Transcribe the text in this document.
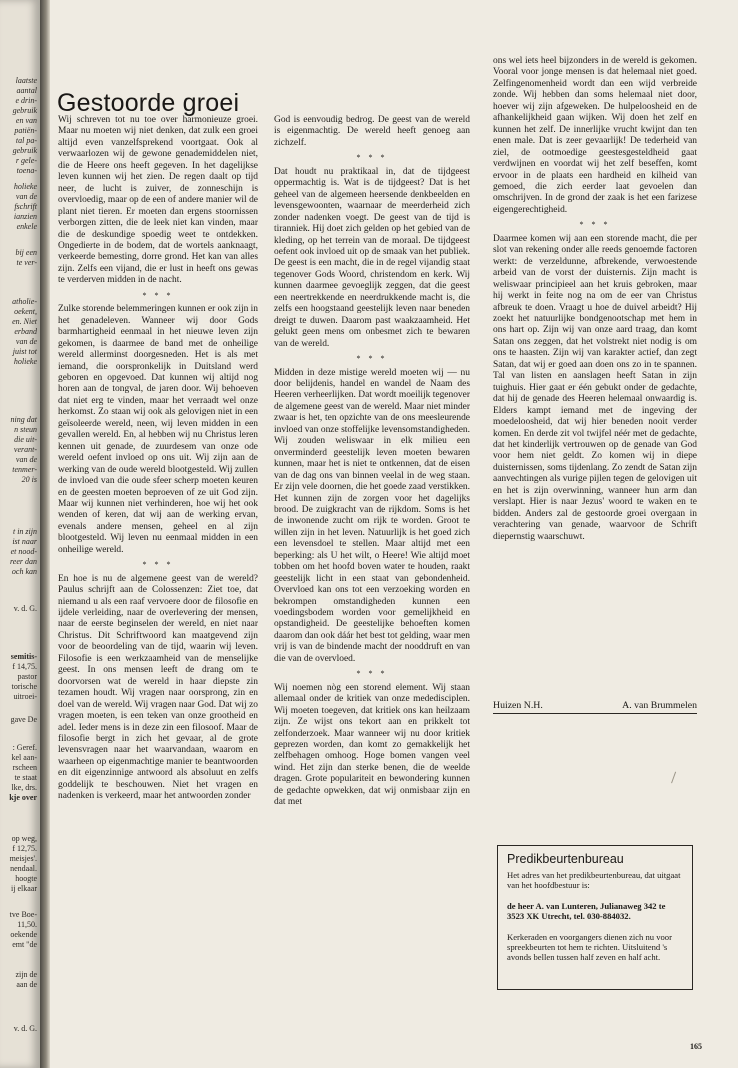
laatste
aantal
e drin-
gebruik
en van
patiën-
tal pa-
gebruik
r gele-
toena-
holieke
van de
fschrift
ianzien
enkele
bij een
te ver-
atholie-
oekent,
en. Niet
erband
van de
juist tot
holieke
ning dat
n steun
die uit-
verant-
van de
tenmer-
20 is
t in zijn
ist naar
et nood-
reer dan
och kan
v. d. G.
semitis-
f 14,75.
pastor
torische
uitroei-
gave De
: Geref.
kel aan-
rscheen
te staat
lke, drs.
kje over
op weg,
f 12,75.
meisjes'.
nendaal.
hoogte
ij elkaar
tve Boe-
11,50.
oekende
emt "de
zijn de
aan de
v. d. G.
Gestoorde groei

Wij schreven tot nu toe over harmonieuze groei. Maar nu moeten wij niet denken, dat zulk een groei altijd even vanzelfsprekend voortgaat. Ook al verwaarlozen wij de gewone genademiddelen niet, die de Heere ons heeft gegeven. In het dagelijkse leven kunnen wij het zien. De regen daalt op tijd neer, de lucht is zuiver, de zonneschijn is overvloedig, maar op de een of andere manier wil de plant niet tieren. Er moeten dan ergens stoornissen verborgen zitten, die de leek niet kan vinden, maar die de deskundige spoedig weet te ontdekken. Ongedierte in de bodem, dat de wortels aanknaagt, verkeerde bemesting, dorre grond. Het kan van alles zijn. Zelfs een vijand, die er lust in heeft ons gewas te verderven midden in de nacht.

* * *

Zulke storende belemmeringen kunnen er ook zijn in het genadeleven. Wanneer wij door Gods barmhartigheid eenmaal in het nieuwe leven zijn gekomen, is daarmee de band met de onheilige wereld allerminst doorgesneden. Het is als met iemand, die oorspronkelijk in Duitsland werd geboren en opgevoed. Dat kunnen wij altijd nog horen aan de tongval, de jaren door. Wij behoeven dat niet erg te vinden, maar het verraadt wel onze herkomst. Zo staan wij ook als gelovigen niet in een geïsoleerde wereld, neen, wij leven midden in een gevallen wereld. En, al hebben wij nu Christus leren kennen uit genade, de zuurdesem van onze ode wereld oefent invloed op ons uit. Wij zijn aan de werking van de oude wereld blootgesteld. Wij zullen de invloed van die oude sfeer scherp moeten keuren en de geesten moeten beproeven of ze uit God zijn. Maar wij kunnen niet verhinderen, hoe wij het ook wenden of keren, dat wij aan de werking ervan, evenals andere mensen, geheel en al zijn blootgesteld. Wij leven nu eenmaal midden in een onheilige wereld.

* * *

En hoe is nu de algemene geest van de wereld? Paulus schrijft aan de Colossenzen: Ziet toe, dat niemand u als een raaf vervoere door de filosofie en ijdele verleiding, naar de overlevering der mensen, naar de eerste beginselen der wereld, en niet naar Christus. Dit Schriftwoord kan maatgevend zijn voor de beoordeling van de tijd, waarin wij leven. Filosofie is een werkzaamheid van de menselijke geest. In ons mensen leeft de drang om te doorvorsen wat de wereld in haar diepste zin tezamen houdt. Wij vragen naar oorsprong, zin en doel van de wereld. Wij vragen naar God. Dat wij zo vragen moeten, is een teken van onze grootheid en adel. Ieder mens is in deze zin een filosoof. Maar de filosofie bergt in zich het gevaar, al de grote levensvragen naar het waarvandaan, waarom en waarheen op eigenmachtige manier te beantwoorden en dit eigenzinnige antwoord als absoluut en zelfs goddelijk te beschouwen. Niet het vragen en nadenken is verkeerd, maar het antwoorden zonder

God is eenvoudig bedrog. De geest van de wereld is eigenmachtig. De wereld heeft genoeg aan zichzelf.

* * *

Dat houdt nu praktikaal in, dat de tijdgeest oppermachtig is. Wat is de tijdgeest? Dat is het geheel van de algemeen heersende denkbeelden en levensgewoonten, waarnaar de meerderheid zich zonder nadenken voegt. De geest van de tijd is tiranniek. Hij doet zich gelden op het gebied van de kleding, op het terrein van de moraal. De tijdgeest oefent ook invloed uit op de smaak van het publiek. De geest is een macht, die in de regel vijandig staat tegenover Gods Woord, christendom en kerk. Wij kunnen daarmee gevoeglijk zeggen, dat die geest een neertrekkende en neerdrukkende macht is, die zelfs een hoogstaand geestelijk leven naar beneden dreigt te duwen. Daarom past waakzaamheid. Het gelukt geen mens om onbesmet zich te bewaren van de wereld.

* * *

Midden in deze mistige wereld moeten wij — nu door belijdenis, handel en wandel de Naam des Heeren verheerlijken. Dat wordt moeilijk tegenover de algemene geest van de wereld. Maar niet minder zwaar is het, ten opzichte van de ons meesleurende invloed van onze stoffelijke levensomstandigheden. Wij zouden weliswaar in elk milieu een onverminderd geestelijk leven moeten bewaren kunnen, maar het is niet te ontkennen, dat de eisen van de dag ons van binnen veelal in de weg staan. Er zijn vele doornen, die het goede zaad verstikken. Het kunnen zijn de zorgen voor het dagelijks brood. De zuigkracht van de rijkdom. Soms is het de inwonende zucht om rijk te worden. Groot te willen zijn in het leven. Natuurlijk is het goed zich een levensdoel te stellen. Maar altijd met een beperking: als U het wilt, o Heere! Wie altijd moet tobben om het hoofd boven water te houden, raakt geestelijk licht in een staat van gebondenheid. Overvloed kan ons tot een verzoeking worden en bekrompen omstandigheden kunnen een voedingsbodem worden voor gemelijkheid en opstandigheid. De geestelijke behoeften komen daarom dan ook dáár het best tot gelding, waar men vrij is van de bindende macht der nooddruft en van die van de overvloed.

* * *

Wij noemen nòg een storend element. Wij staan allemaal onder de kritiek van onze mededisciplen. Wij moeten toegeven, dat kritiek ons kan heilzaam zijn. Ze wijst ons tekort aan en prikkelt tot zelfonderzoek. Maar wanneer wij nu door kritiek geprezen worden, dan komt zo gemakkelijk het zelfbehagen omhoog. Hoge bomen vangen veel wind. Het zijn dan sterke benen, die de weelde dragen. Grote populariteit en bewondering kunnen de gedachte opwekken, dat wij onmisbaar zijn en dat met

ons wel iets heel bijzonders in de wereld is gekomen. Vooral voor jonge mensen is dat helemaal niet goed. Zelfingenomenheid wordt dan een wijd verbreide zonde. Wij hebben dan soms helemaal niet door, hoever wij zijn afgeweken. De hulpeloosheid en de afhankelijkheid gaan wijken. Wij doen het zelf en kunnen het zelf. De innerlijke vrucht kwijnt dan ten enen male. Dat is zeer gevaarlijk! De tederheid van ziel, de ootmoedige geestesgesteldheid gaat verdwijnen en voordat wij het zelf beseffen, komt ervoor in de plaats een hardheid en kilheid van gemoed, die zich eerder laat gevoelen dan omschrijven. In de grond der zaak is het een farizese eigengerechtigheid.

* * *

Daarmee komen wij aan een storende macht, die per slot van rekening onder alle reeds genoemde factoren werkt: de verzeldunne, afbrekende, verwoestende arbeid van de vorst der duisternis. Zijn macht is weliswaar principieel aan het kruis gebroken, maar hij werkt in feite nog na om de eer van Christus afbreuk te doen. Vraagt u hoe de duivel arbeidt? Hij zoekt het natuurlijke bondgenootschap met hem in ons hart op. Zijn wij van onze aard traag, dan komt Satan ons zeggen, dat het volstrekt niet nodig is om ons te haasten. Zijn wij van karakter actief, dan zegt Satan, dat wij er goed aan doen ons zo in te spannen. Tal van listen en aanslagen heeft Satan in zijn tuighuis. Hier gaat er één gebukt onder de gedachte, dat hij de genade des Heeren helemaal onwaardig is. Elders kampt iemand met de ingeving der moedeloosheid, dat wij hier beneden nooit verder komen. En derde zit vol twijfel néér met de gedachte, dat het kinderlijk vertrouwen op de genade van God voor hem niet geldt. Zo komen wij in diepe duisternissen, soms tijdenlang. Zo zendt de Satan zijn aanvechtingen als vurige pijlen tegen de gelovigen uit en het is zijn overwinning, wanneer hun arm dan verslapt. Hier is naar Jezus' woord te waken en te bidden. Anders zal de gestoorde groei overgaan in verachtering van genade, waarvoor de Schrift diepernstig waarschuwt.

Huizen N.H.	A. van Brummelen
Predikbeurtenbureau

Het adres van het predikbeurtenbureau, dat uitgaat van het hoofdbestuur is:

de heer A. van Lunteren, Julianaweg 342 te 3523 XK Utrecht, tel. 030-884032.

Kerkeraden en voorgangers dienen zich nu voor spreekbeurten tot hem te richten. Uitsluitend 's avonds bellen tussen half zeven en half acht.

165
